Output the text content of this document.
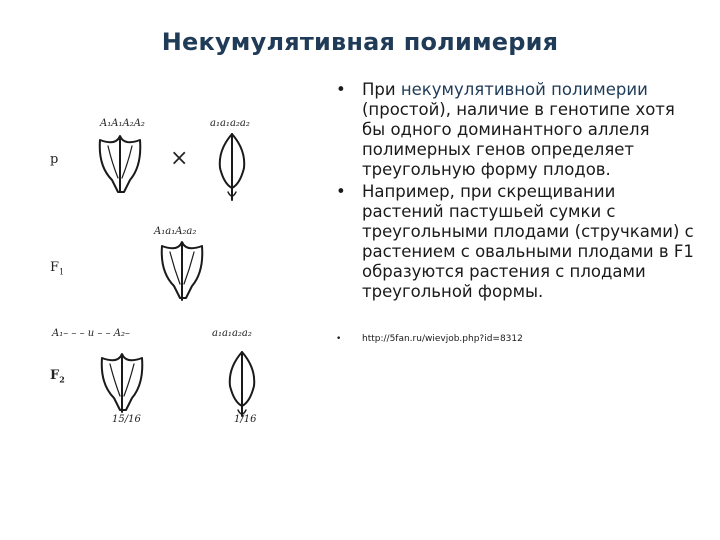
Некумулятивная полимерия
A₁A₁A₂A₂	a₁a₁a₂a₂
р	×
A₁a₁A₂a₂
$F_1$
A₁– – – u – – A₂–	a₁a₁a₂a₂
$F_2$
15/16	1/16
• При некумулятивной полимерии (простой), наличие в генотипе хотя бы одного доминантного аллеля полимерных генов определяет треугольную форму плодов.
• Например, при скрещивании растений пастушьей сумки с треугольными плодами (стручками) с растением с овальными плодами в F1 образуются растения с плодами треугольной формы.
• http://5fan.ru/wievjob.php?id=8312
